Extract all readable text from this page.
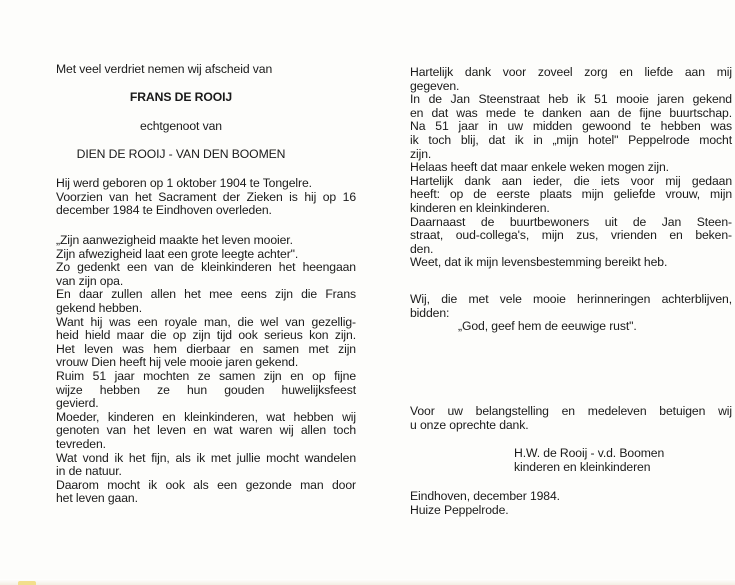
Met veel verdriet nemen wij afscheid van
FRANS DE ROOIJ
echtgenoot van
DIEN DE ROOIJ - VAN DEN BOOMEN
Hij werd geboren op 1 oktober 1904 te Tongelre.
Voorzien van het Sacrament der Zieken is hij op 16
december 1984 te Eindhoven overleden.
„Zijn aanwezigheid maakte het leven mooier.
Zijn afwezigheid laat een grote leegte achter".
Zo gedenkt een van de kleinkinderen het heengaan
van zijn opa.
En daar zullen allen het mee eens zijn die Frans
gekend hebben.
Want hij was een royale man, die wel van gezellig-
heid hield maar die op zijn tijd ook serieus kon zijn.
Het leven was hem dierbaar en samen met zijn
vrouw Dien heeft hij vele mooie jaren gekend.
Ruim 51 jaar mochten ze samen zijn en op fijne
wijze hebben ze hun gouden huwelijksfeest
gevierd.
Moeder, kinderen en kleinkinderen, wat hebben wij
genoten van het leven en wat waren wij allen toch
tevreden.
Wat vond ik het fijn, als ik met jullie mocht wandelen
in de natuur.
Daarom mocht ik ook als een gezonde man door
het leven gaan.
Hartelijk dank voor zoveel zorg en liefde aan mij
gegeven.
In de Jan Steenstraat heb ik 51 mooie jaren gekend
en dat was mede te danken aan de fijne buurtschap.
Na 51 jaar in uw midden gewoond te hebben was
ik toch blij, dat ik in „mijn hotel" Peppelrode mocht
zijn.
Helaas heeft dat maar enkele weken mogen zijn.
Hartelijk dank aan ieder, die iets voor mij gedaan
heeft: op de eerste plaats mijn geliefde vrouw, mijn
kinderen en kleinkinderen.
Daarnaast de buurtbewoners uit de Jan Steen-
straat, oud-collega's, mijn zus, vrienden en beken-
den.
Weet, dat ik mijn levensbestemming bereikt heb.
Wij, die met vele mooie herinneringen achterblijven,
bidden:
„God, geef hem de eeuwige rust".
Voor uw belangstelling en medeleven betuigen wij
u onze oprechte dank.
H.W. de Rooij - v.d. Boomen
kinderen en kleinkinderen
Eindhoven, december 1984.
Huize Peppelrode.
